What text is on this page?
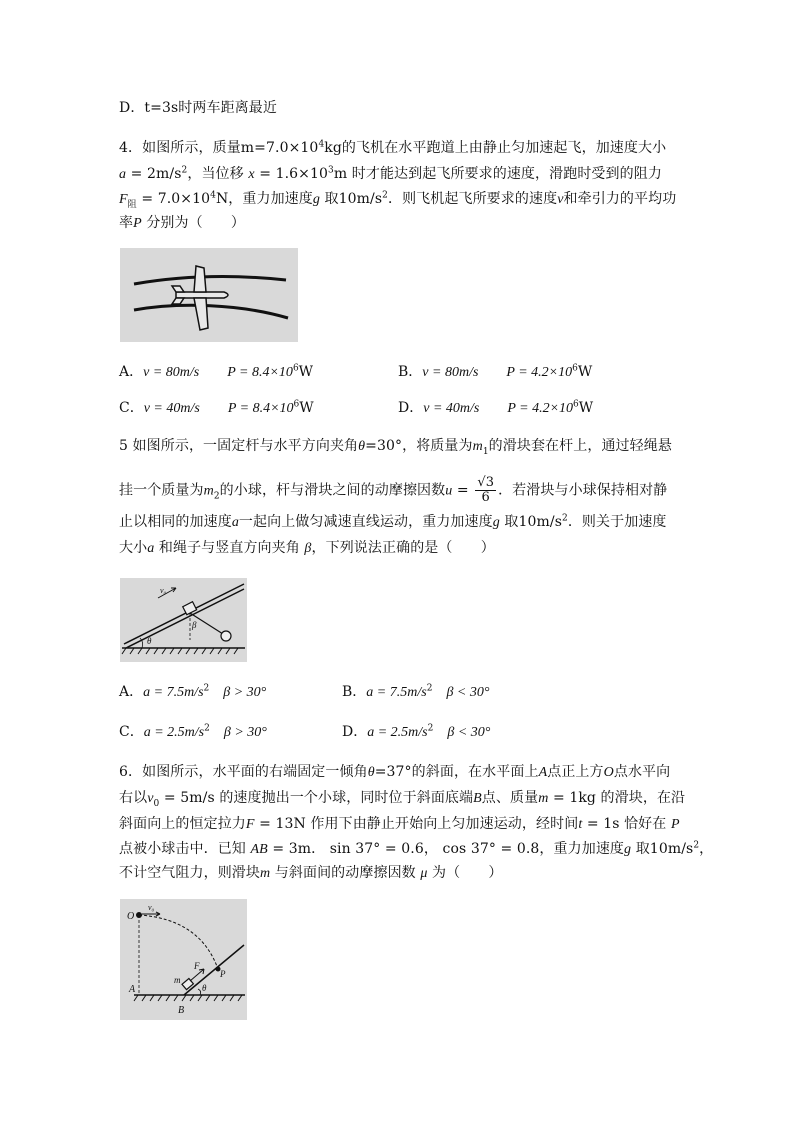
D．t=3s时两车距离最近
4．如图所示，质量$m=7.0\times 10^4kg$的飞机在水平跑道上由静止匀加速起飞，加速度大小
$a = 2m/s^2$，当位移 $x = 1.6\times 10^3m$ 时才能达到起飞所要求的速度，滑跑时受到的阻力
$F_阻 = 7.0\times 10^4N$，重力加速度g 取$10m/s^2$．则飞机起飞所要求的速度v和牵引力的平均功
率P 分别为（　　）
A．v = 80m/s   $P = 8.4\times 10^6W$	B．v = 80m/s   $P = 4.2\times 10^6W$
C．v = 40m/s   $P = 8.4\times 10^6W$	D．v = 40m/s   $P = 4.2\times 10^6W$
5 如图所示，一固定杆与水平方向夹角θ=30°，将质量为$m_1$的滑块套在杆上，通过轻绳悬
挂一个质量为$m_2$的小球，杆与滑块之间的动摩擦因数$u = \frac{√3}{6}$ ．若滑块与小球保持相对静
止以相同的加速度a一起向上做匀减速直线运动，重力加速度g 取$10m/s^2$．则关于加速度
大小a 和绳子与竖直方向夹角 β，下列说法正确的是（　　）
v₀
β
θ
A．$a = 7.5m/s^2$  β > 30°	B．$a = 7.5m/s^2$  β < 30°
C．$a = 2.5m/s^2$  β > 30°	D．$a = 2.5m/s^2$  β < 30°
6．如图所示，水平面的右端固定一倾角θ=37°的斜面，在水平面上A点正上方O点水平向
右以$v_0 = 5m/s$ 的速度抛出一个小球，同时位于斜面底端B点、质量m = 1kg 的滑块，在沿
斜面向上的恒定拉力F = 13N 作用下由静止开始向上匀加速运动，经时间t = 1s 恰好在 P
点被小球击中．已知 AB = 3m． sin 37° = 0.6， cos 37° = 0.8，重力加速度g 取$10m/s^2$，
不计空气阻力，则滑块m 与斜面间的动摩擦因数 μ 为（　　）
O
v₀
A
B
m
F
P
θ
